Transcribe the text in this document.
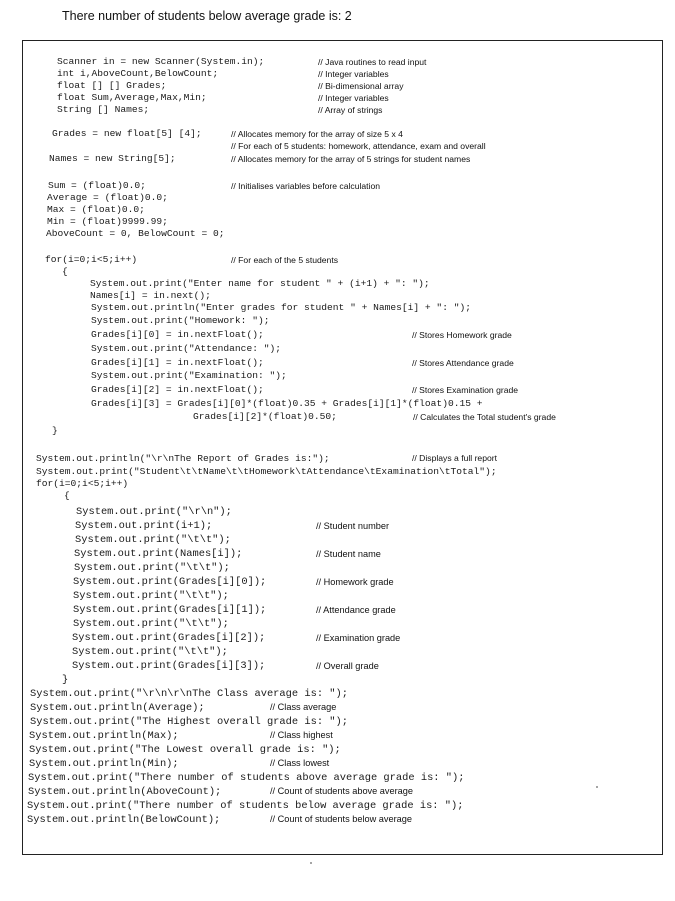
There number of students below average grade is: 2
Scanner in = new Scanner(System.in);	// Java routines to read input
int i,AboveCount,BelowCount;	// Integer variables
float [] [] Grades;	// Bi-dimensional array
float Sum,Average,Max,Min;	// Integer variables
String [] Names;	// Array of strings
Grades = new float[5] [4];	// Allocates memory for the array of size 5 x 4
// For each of 5 students: homework, attendance, exam and overall
Names = new String[5];	// Allocates memory for the array of 5 strings for student names
Sum = (float)0.0;	// Initialises variables before calculation
Average = (float)0.0;
Max = (float)0.0;
Min = (float)9999.99;
AboveCount = 0, BelowCount = 0;
for(i=0;i<5;i++)	// For each of the 5 students
{
System.out.print("Enter name for student " + (i+1) + ": ");
Names[i] = in.next();
System.out.println("Enter grades for student " + Names[i] + ": ");
System.out.print("Homework: ");
Grades[i][0] = in.nextFloat();	// Stores Homework grade
System.out.print("Attendance: ");
Grades[i][1] = in.nextFloat();	// Stores Attendance grade
System.out.print("Examination: ");
Grades[i][2] = in.nextFloat();	// Stores Examination grade
Grades[i][3] = Grades[i][0]*(float)0.35 + Grades[i][1]*(float)0.15 +
Grades[i][2]*(float)0.50;	// Calculates the Total student's grade
}
System.out.println("\r\nThe Report of Grades is:");	// Displays a full report
System.out.print("Student\t\tName\t\tHomework\tAttendance\tExamination\tTotal");
for(i=0;i<5;i++)
{
System.out.print("\r\n");
System.out.print(i+1);	// Student number
System.out.print("\t\t");
System.out.print(Names[i]);	// Student name
System.out.print("\t\t");
System.out.print(Grades[i][0]);	// Homework grade
System.out.print("\t\t");
System.out.print(Grades[i][1]);	// Attendance grade
System.out.print("\t\t");
System.out.print(Grades[i][2]);	// Examination grade
System.out.print("\t\t");
System.out.print(Grades[i][3]);	// Overall grade
}
System.out.print("\r\n\r\nThe Class average is: ");
System.out.println(Average);	// Class average
System.out.print("The Highest overall grade is: ");
System.out.println(Max);	// Class highest
System.out.print("The Lowest overall grade is: ");
System.out.println(Min);	// Class lowest
System.out.print("There number of students above average grade is: ");
System.out.println(AboveCount);	// Count of students above average
System.out.print("There number of students below average grade is: ");
System.out.println(BelowCount);	// Count of students below average
